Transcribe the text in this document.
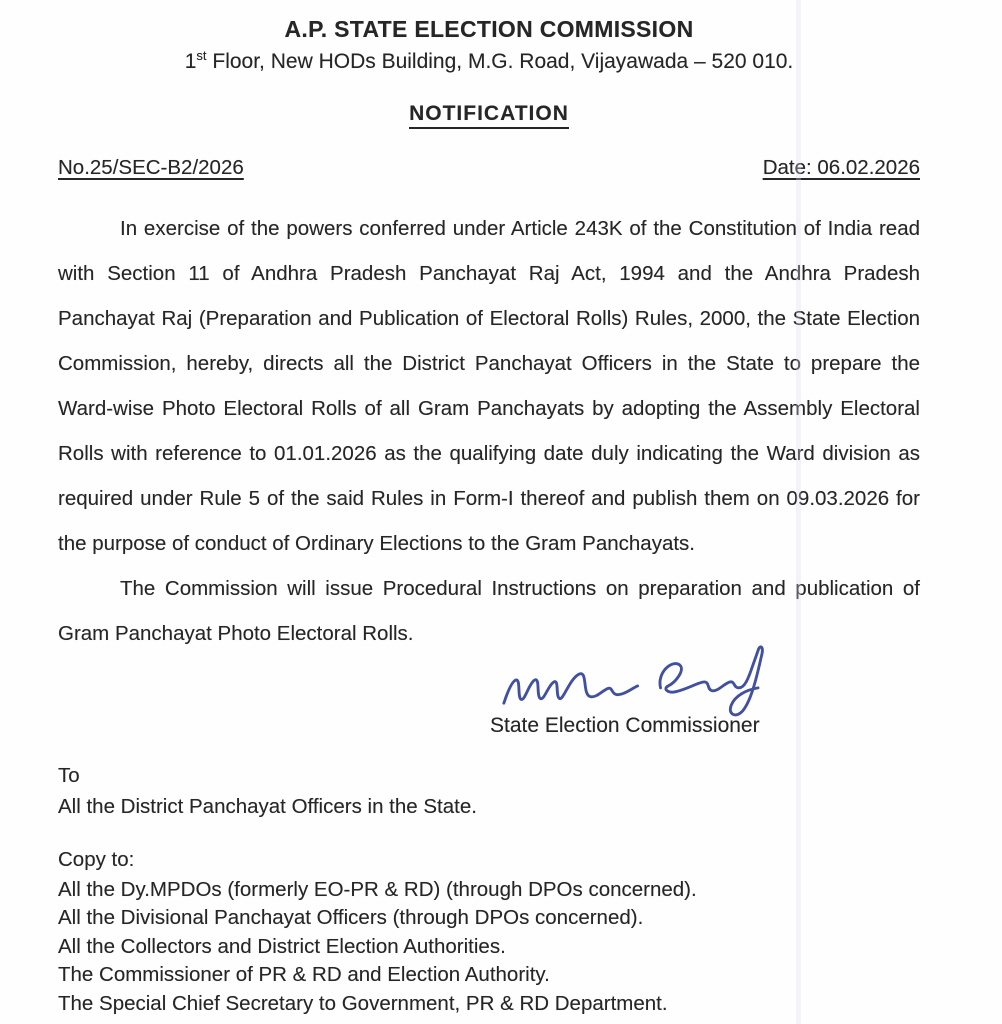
A.P. STATE ELECTION COMMISSION
1st Floor, New HODs Building, M.G. Road, Vijayawada – 520 010.
NOTIFICATION
No.25/SEC-B2/2026	Date: 06.02.2026

In exercise of the powers conferred under Article 243K of the Constitution of India read with Section 11 of Andhra Pradesh Panchayat Raj Act, 1994 and the Andhra Pradesh Panchayat Raj (Preparation and Publication of Electoral Rolls) Rules, 2000, the State Election Commission, hereby, directs all the District Panchayat Officers in the State to prepare the Ward-wise Photo Electoral Rolls of all Gram Panchayats by adopting the Assembly Electoral Rolls with reference to 01.01.2026 as the qualifying date duly indicating the Ward division as required under Rule 5 of the said Rules in Form-I thereof and publish them on 09.03.2026 for the purpose of conduct of Ordinary Elections to the Gram Panchayats.

The Commission will issue Procedural Instructions on preparation and publication of Gram Panchayat Photo Electoral Rolls.

State Election Commissioner
To
All the District Panchayat Officers in the State.
Copy to:
All the Dy.MPDOs (formerly EO-PR & RD) (through DPOs concerned).
All the Divisional Panchayat Officers (through DPOs concerned).
All the Collectors and District Election Authorities.
The Commissioner of PR & RD and Election Authority.
The Special Chief Secretary to Government, PR & RD Department.
